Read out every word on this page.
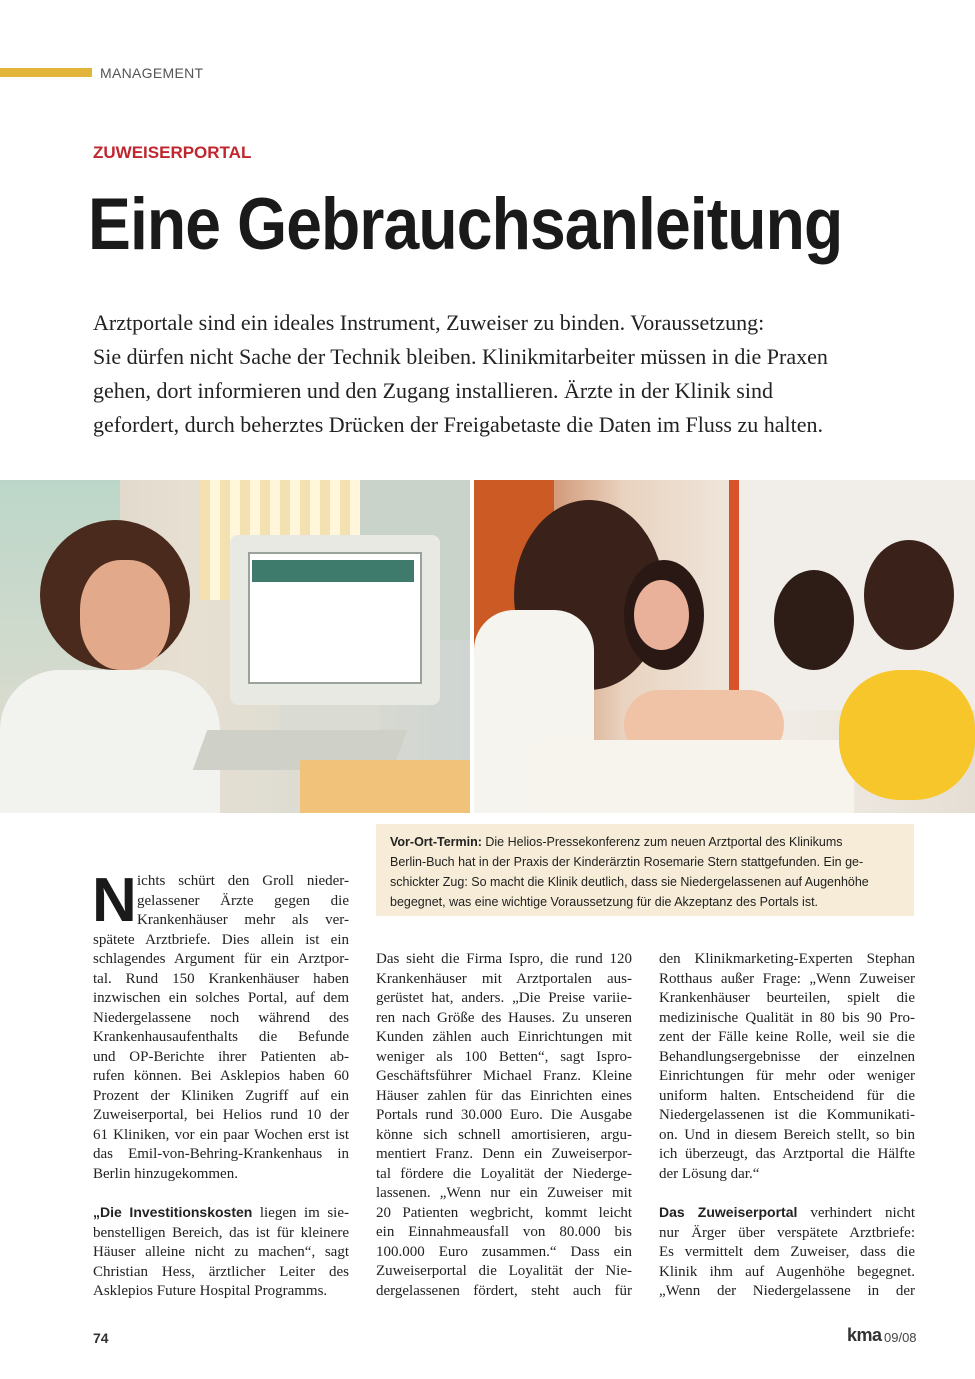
MANAGEMENT
ZUWEISERPORTAL
Eine Gebrauchsanleitung

Arztportale sind ein ideales Instrument, Zuweiser zu binden. Voraussetzung:

Sie dürfen nicht Sache der Technik bleiben. Klinikmitarbeiter müssen in die Praxen

gehen, dort informieren und den Zugang installieren. Ärzte in der Klinik sind

gefordert, durch beherztes Drücken der Freigabetaste die Daten im Fluss zu halten.

Vor-Ort-Termin: Die Helios-Pressekonferenz zum neuen Arztportal des Klinikums
Berlin-Buch hat in der Praxis der Kinderärztin Rosemarie Stern stattgefunden. Ein ge-
schickter Zug: So macht die Klinik deutlich, dass sie Niedergelassenen auf Augenhöhe
begegnet, was eine wichtige Voraussetzung für die Akzeptanz des Portals ist.
N ichts schürt den Groll nieder-
gelassener Ärzte gegen die
Krankenhäuser mehr als ver-
spätete Arztbriefe. Dies allein ist ein
schlagendes Argument für ein Arztpor-
tal. Rund 150 Krankenhäuser haben
inzwischen ein solches Portal, auf dem
Niedergelassene noch während des
Krankenhausaufenthalts die Befunde
und OP-Berichte ihrer Patienten ab-
rufen können. Bei Asklepios haben 60
Prozent der Kliniken Zugriff auf ein
Zuweiserportal, bei Helios rund 10 der
61 Kliniken, vor ein paar Wochen erst ist
das Emil-von-Behring-Krankenhaus in
Berlin hinzugekommen.

„Die Investitionskosten liegen im sie-
benstelligen Bereich, das ist für kleinere
Häuser alleine nicht zu machen“, sagt
Christian Hess, ärztlicher Leiter des
Asklepios Future Hospital Programms.

Das sieht die Firma Ispro, die rund 120
Krankenhäuser mit Arztportalen aus-
gerüstet hat, anders. „Die Preise variie-
ren nach Größe des Hauses. Zu unseren
Kunden zählen auch Einrichtungen mit
weniger als 100 Betten“, sagt Ispro-
Geschäftsführer Michael Franz. Kleine
Häuser zahlen für das Einrichten eines
Portals rund 30.000 Euro. Die Ausgabe
könne sich schnell amortisieren, argu-
mentiert Franz. Denn ein Zuweiserpor-
tal fördere die Loyalität der Niederge-
lassenen. „Wenn nur ein Zuweiser mit
20 Patienten wegbricht, kommt leicht
ein Einnahmeausfall von 80.000 bis
100.000 Euro zusammen.“ Dass ein
Zuweiserportal die Loyalität der Nie-
dergelassenen fördert, steht auch für

den Klinikmarketing-Experten Stephan
Rotthaus außer Frage: „Wenn Zuweiser
Krankenhäuser beurteilen, spielt die
medizinische Qualität in 80 bis 90 Pro-
zent der Fälle keine Rolle, weil sie die
Behandlungsergebnisse der einzelnen
Einrichtungen für mehr oder weniger
uniform halten. Entscheidend für die
Niedergelassenen ist die Kommunikati-
on. Und in diesem Bereich stellt, so bin
ich überzeugt, das Arztportal die Hälfte
der Lösung dar.“

Das Zuweiserportal verhindert nicht
nur Ärger über verspätete Arztbriefe:
Es vermittelt dem Zuweiser, dass die
Klinik ihm auf Augenhöhe begegnet.
„Wenn der Niedergelassene in der

74	kma 09/08
